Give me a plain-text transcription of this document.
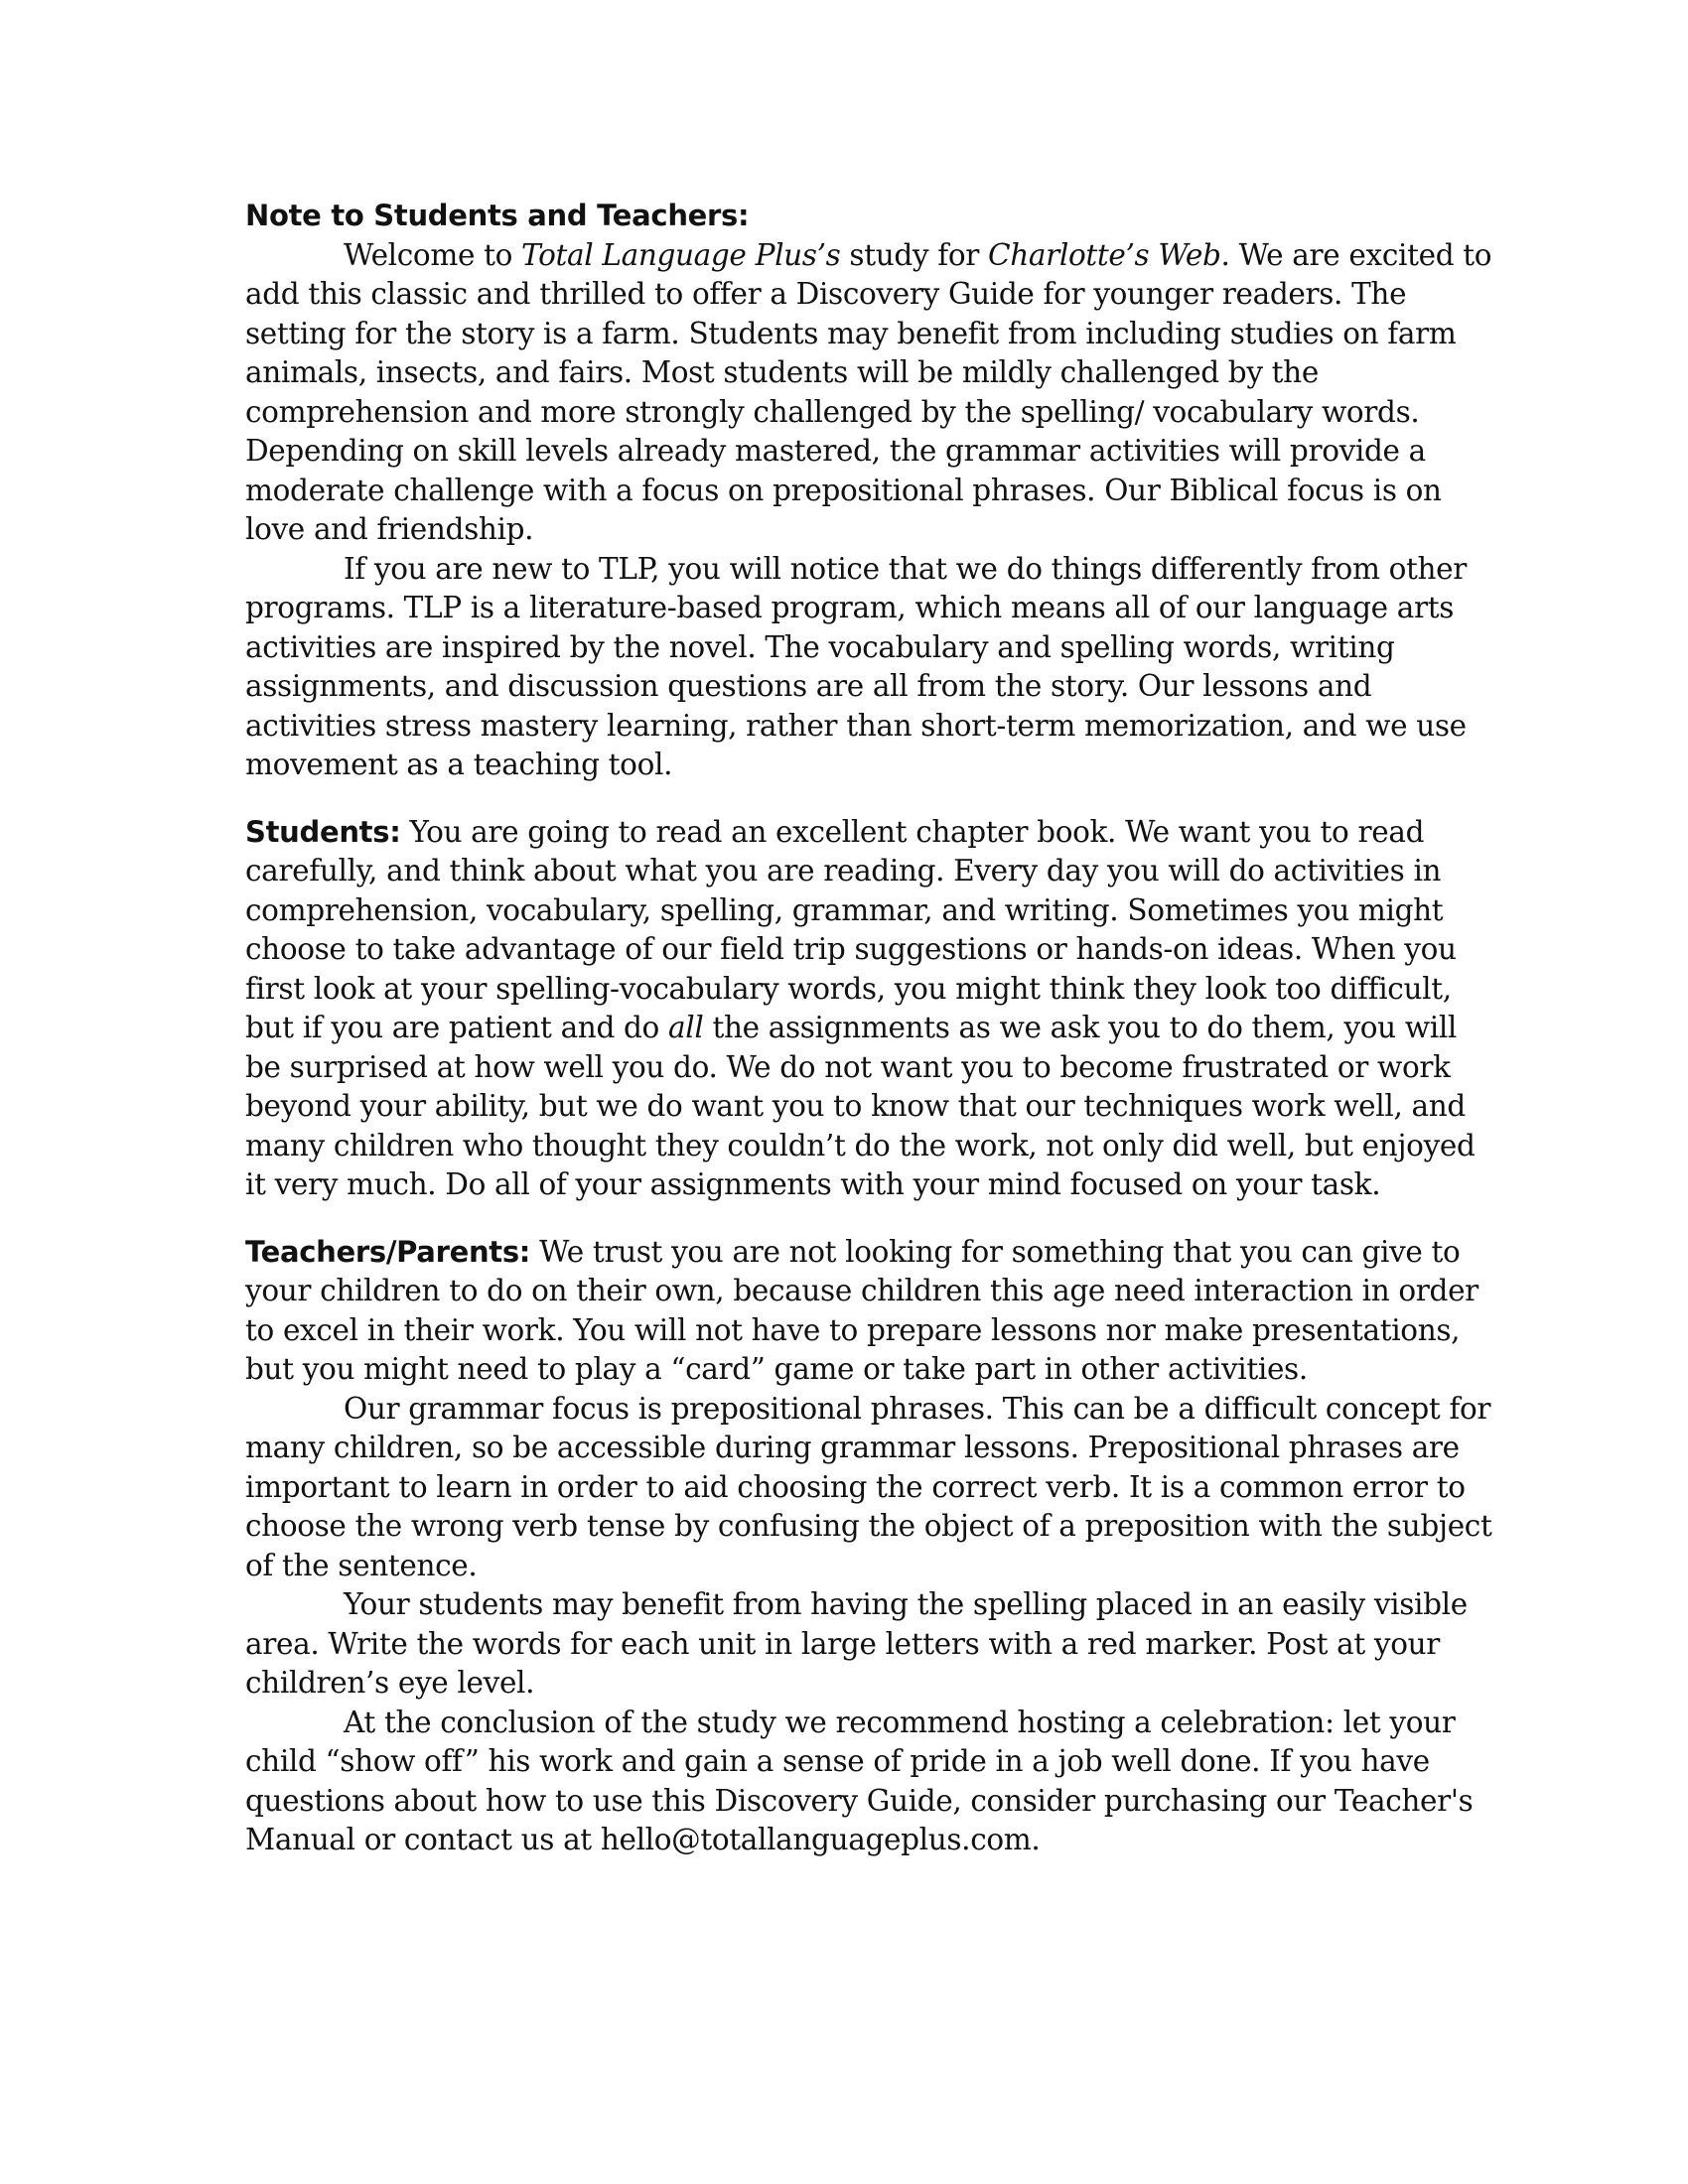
Note to Students and Teachers:

Welcome to Total Language Plus’s study for Charlotte’s Web. We are excited to add this classic and thrilled to offer a Discovery Guide for younger readers. The setting for the story is a farm. Students may benefit from including studies on farm animals, insects, and fairs. Most students will be mildly challenged by the comprehension and more strongly challenged by the spelling/ vocabulary words. Depending on skill levels already mastered, the grammar activities will provide a moderate challenge with a focus on prepositional phrases. Our Biblical focus is on love and friendship.

If you are new to TLP, you will notice that we do things differently from other programs. TLP is a literature-based program, which means all of our language arts activities are inspired by the novel. The vocabulary and spelling words, writing assignments, and discussion questions are all from the story. Our lessons and activities stress mastery learning, rather than short-term memorization, and we use movement as a teaching tool.

Students: You are going to read an excellent chapter book. We want you to read carefully, and think about what you are reading. Every day you will do activities in comprehension, vocabulary, spelling, grammar, and writing. Sometimes you might choose to take advantage of our field trip suggestions or hands-on ideas. When you first look at your spelling-vocabulary words, you might think they look too difficult, but if you are patient and do all the assignments as we ask you to do them, you will be surprised at how well you do. We do not want you to become frustrated or work beyond your ability, but we do want you to know that our techniques work well, and many children who thought they couldn’t do the work, not only did well, but enjoyed it very much. Do all of your assignments with your mind focused on your task.

Teachers/Parents: We trust you are not looking for something that you can give to your children to do on their own, because children this age need interaction in order to excel in their work. You will not have to prepare lessons nor make presentations, but you might need to play a “card” game or take part in other activities.

Our grammar focus is prepositional phrases. This can be a difficult concept for many children, so be accessible during grammar lessons. Prepositional phrases are important to learn in order to aid choosing the correct verb. It is a common error to choose the wrong verb tense by confusing the object of a preposition with the subject of the sentence.

Your students may benefit from having the spelling placed in an easily visible area. Write the words for each unit in large letters with a red marker. Post at your children’s eye level.

At the conclusion of the study we recommend hosting a celebration: let your child “show off” his work and gain a sense of pride in a job well done. If you have questions about how to use this Discovery Guide, consider purchasing our Teacher's Manual or contact us at hello@totallanguageplus.com.
